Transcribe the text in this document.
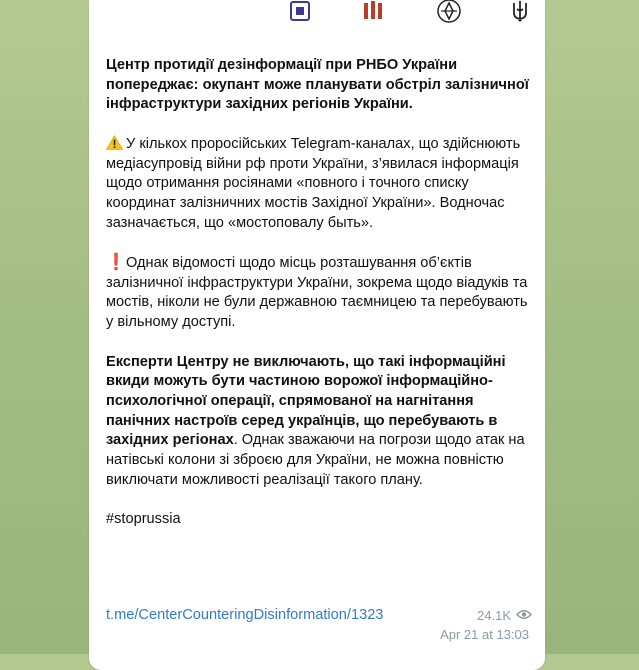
Центр протидії дезінформації при РНБО України попереджає: окупант може планувати обстріл залізничної інфраструктури західних регіонів України.

У кількох проросійських Telegram-каналах, що здійснюють медіасупровід війни рф проти України, з’явилася інформація щодо отримання росіянами «повного і точного списку координат залізничних мостів Західної України». Водночас зазначається, що «мостоповалу быть».

❗Однак відомості щодо місць розташування об’єктів залізничної інфраструктури України, зокрема щодо віадуків та мостів, ніколи не були державною таємницею та перебувають у вільному доступі.

Експерти Центру не виключають, що такі інформаційні вкиди можуть бути частиною ворожої інформаційно-психологічної операції, спрямованої на нагнітання панічних настроїв серед українців, що перебувають в західних регіонах. Однак зважаючи на погрози щодо атак на натівські колони зі зброєю для України, не можна повністю виключати можливості реалізації такого плану.

#stoprussia

t.me/CenterCounteringDisinformation/1323	24.1K
Apr 21 at 13:03
